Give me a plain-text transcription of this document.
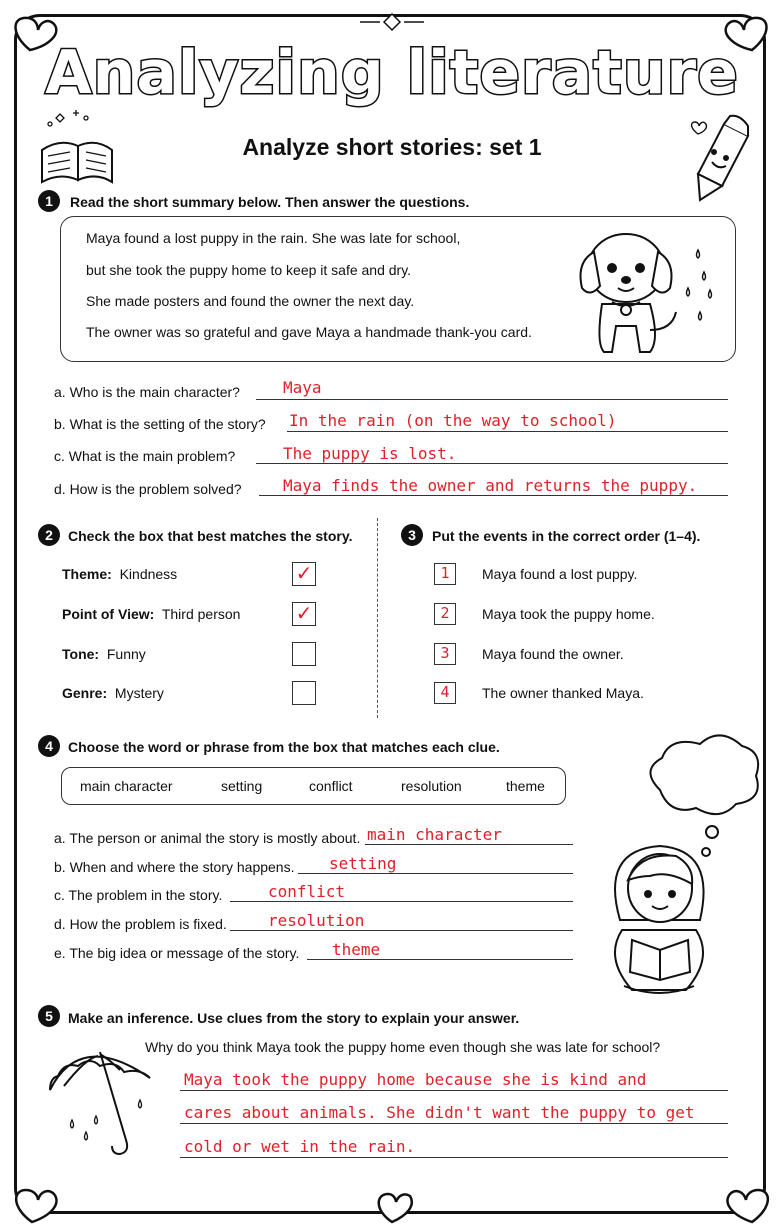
Analyzing literature
Analyze short stories: set 1
1	Read the short summary below. Then answer the questions.
Maya found a lost puppy in the rain. She was late for school,
but she took the puppy home to keep it safe and dry.
She made posters and found the owner the next day.
The owner was so grateful and gave Maya a handmade thank-you card.
a. Who is the main character?	Maya
b. What is the setting of the story? In the rain (on the way to school)
c. What is the main problem?	The puppy is lost.
d. How is the problem solved?	Maya finds the owner and returns the puppy.
2	Check the box that best matches the story.
Theme: Kindness	✓
Point of View: Third person	✓
Tone: Funny
Genre: Mystery
3	Put the events in the correct order (1–4).
1	Maya found a lost puppy.
2	Maya took the puppy home.
3	Maya found the owner.
4	The owner thanked Maya.
4	Choose the word or phrase from the box that matches each clue.
main character	setting	conflict	resolution	theme
a. The person or animal the story is mostly about. main character
b. When and where the story happens. setting
c. The problem in the story.	conflict
d. How the problem is fixed.	resolution
e. The big idea or message of the story. theme
5	Make an inference. Use clues from the story to explain your answer.
Why do you think Maya took the puppy home even though she was late for school?
Maya took the puppy home because she is kind and
cares about animals. She didn't want the puppy to get
cold or wet in the rain.
